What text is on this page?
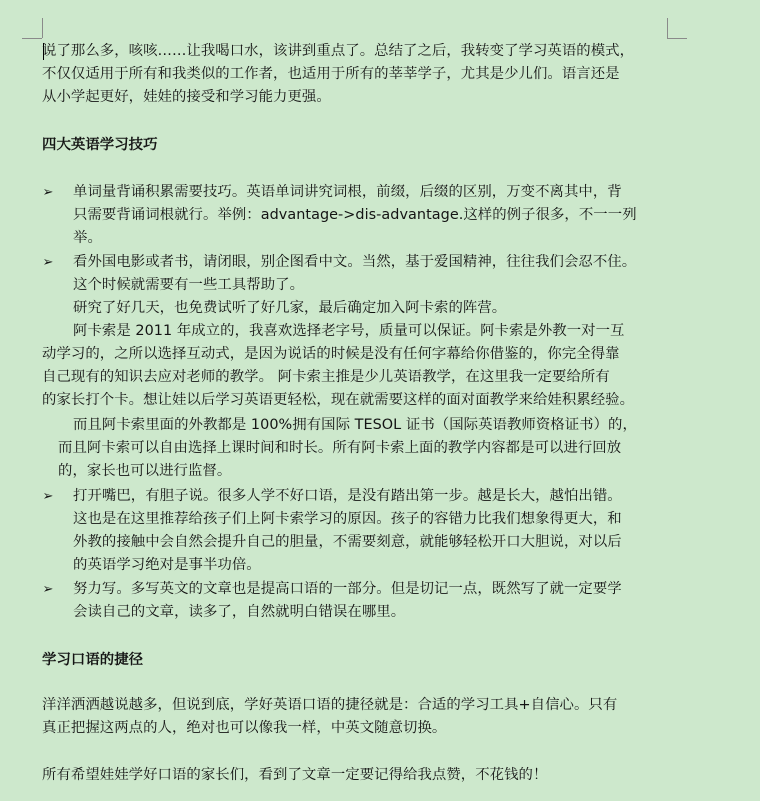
说了那么多，咳咳……让我喝口水，该讲到重点了。总结了之后，我转变了学习英语的模式，
不仅仅适用于所有和我类似的工作者，也适用于所有的莘莘学子，尤其是少儿们。语言还是
从小学起更好，娃娃的接受和学习能力更强。
四大英语学习技巧
➢ 单词量背诵积累需要技巧。英语单词讲究词根，前缀，后缀的区别，万变不离其中，背
只需要背诵词根就行。举例：advantage->dis-advantage.这样的例子很多，不一一列
举。
➢ 看外国电影或者书，请闭眼，别企图看中文。当然，基于爱国精神，往往我们会忍不住。
这个时候就需要有一些工具帮助了。
研究了好几天，也免费试听了好几家，最后确定加入阿卡索的阵营。
阿卡索是 2011 年成立的，我喜欢选择老字号，质量可以保证。阿卡索是外教一对一互
动学习的，之所以选择互动式，是因为说话的时候是没有任何字幕给你借鉴的，你完全得靠
自己现有的知识去应对老师的教学。 阿卡索主推是少儿英语教学，在这里我一定要给所有
的家长打个卡。想让娃以后学习英语更轻松，现在就需要这样的面对面教学来给娃积累经验。
而且阿卡索里面的外教都是 100%拥有国际 TESOL 证书（国际英语教师资格证书）的，
而且阿卡索可以自由选择上课时间和时长。所有阿卡索上面的教学内容都是可以进行回放
的，家长也可以进行监督。
➢ 打开嘴巴，有胆子说。很多人学不好口语，是没有踏出第一步。越是长大，越怕出错。
这也是在这里推荐给孩子们上阿卡索学习的原因。孩子的容错力比我们想象得更大，和
外教的接触中会自然会提升自己的胆量，不需要刻意，就能够轻松开口大胆说，对以后
的英语学习绝对是事半功倍。
➢ 努力写。多写英文的文章也是提高口语的一部分。但是切记一点，既然写了就一定要学
会读自己的文章，读多了，自然就明白错误在哪里。
学习口语的捷径
洋洋洒洒越说越多，但说到底，学好英语口语的捷径就是：合适的学习工具+自信心。只有
真正把握这两点的人，绝对也可以像我一样，中英文随意切换。
所有希望娃娃学好口语的家长们，看到了文章一定要记得给我点赞，不花钱的！
